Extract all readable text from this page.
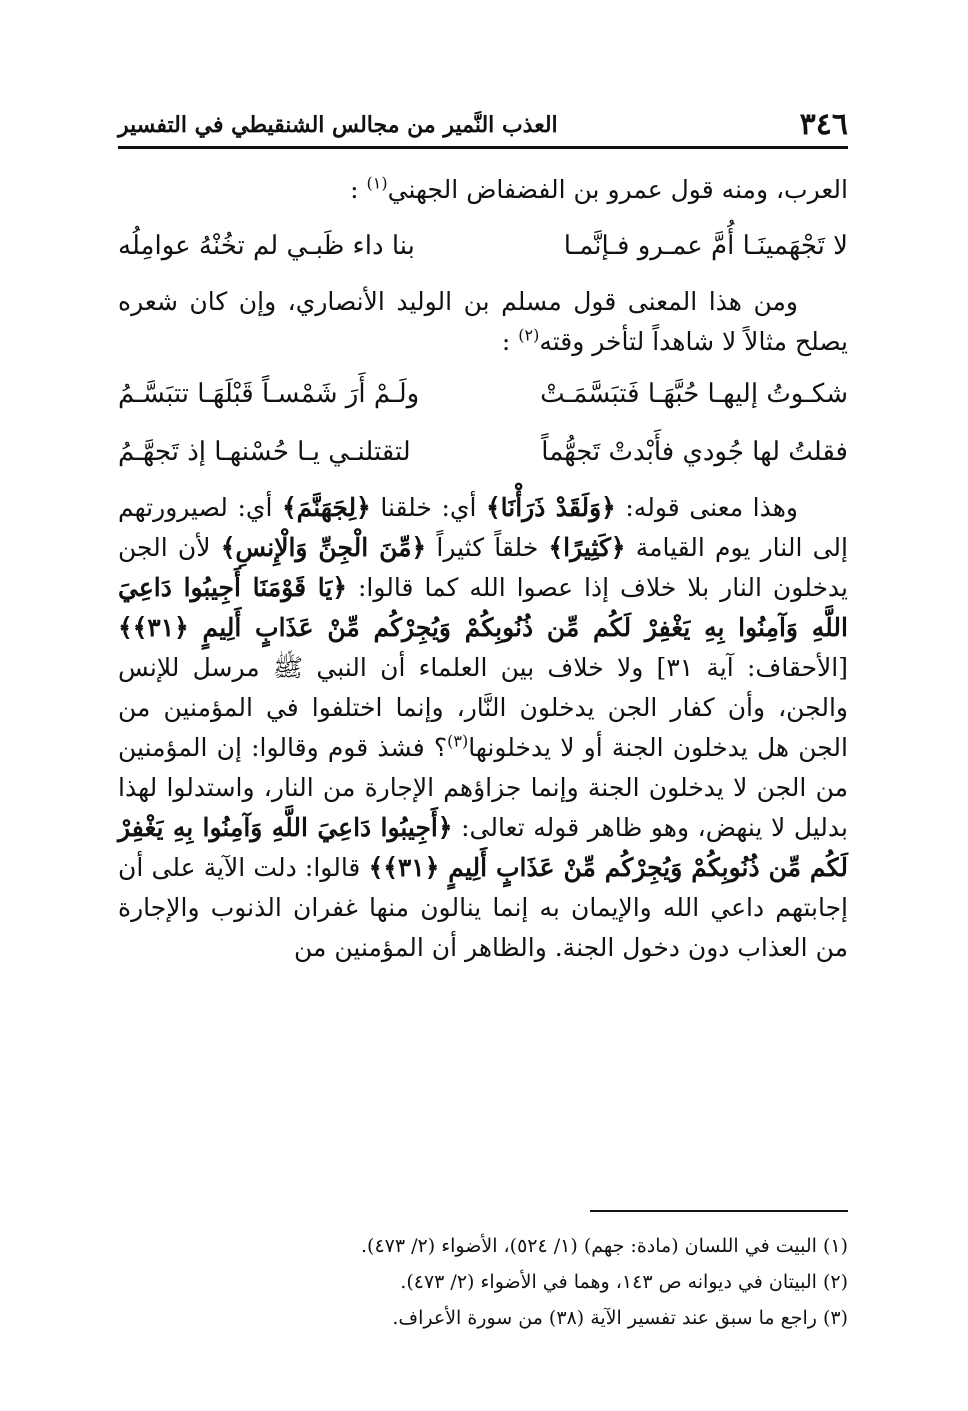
٣٤٦
العذب النَّمير من مجالس الشنقيطي في التفسير

العرب، ومنه قول عمرو بن الفضفاض الجهني$^{(١)}$ :

لا تَجْهَمينَـا أُمَّ عمـرو فـإنَّمـا
بنا داء ظَبـي لم تخُنْهُ عوامِلُه

ومن هذا المعنى قول مسلم بن الوليد الأنصاري، وإن كان شعره يصلح مثالاً لا شاهداً لتأخر وقته$^{(٢)}$ :

شكـوتُ إليهـا حُبَّهَـا فَتبَسَّمَـتْ
ولَـمْ أَرَ شَمْسـاً قَبْلَهَـا تتبَسَّـمُ
فقلتُ لها جُودي فأَبْدتْ تَجهُّماً
لتقتلنـي يـا حُسْنهـا إذ تَجهَّـمُ

وهذا معنى قوله: ﴿وَلَقَدْ ذَرَأْنَا﴾ أي: خلقنا ﴿لِجَهَنَّمَ﴾ أي: لصيرورتهم إلى النار يوم القيامة ﴿كَثِيرًا﴾ خلقاً كثيراً ﴿مِّنَ الْجِنِّ وَالْإِنسِ﴾ لأن الجن يدخلون النار بلا خلاف إذا عصوا الله كما قالوا: ﴿يَا قَوْمَنَا أَجِيبُوا دَاعِيَ اللَّهِ وَآمِنُوا بِهِ يَغْفِرْ لَكُم مِّن ذُنُوبِكُمْ وَيُجِرْكُم مِّنْ عَذَابٍ أَلِيمٍ ﴿٣١﴾﴾ [الأحقاف: آية ٣١] ولا خلاف بين العلماء أن النبي ﷺ مرسل للإنس والجن، وأن كفار الجن يدخلون النَّار، وإنما اختلفوا في المؤمنين من الجن هل يدخلون الجنة أو لا يدخلونها$^{(٣)}$؟ فشذ قوم وقالوا: إن المؤمنين من الجن لا يدخلون الجنة وإنما جزاؤهم الإجارة من النار، واستدلوا لهذا بدليل لا ينهض، وهو ظاهر قوله تعالى: ﴿أَجِيبُوا دَاعِيَ اللَّهِ وَآمِنُوا بِهِ يَغْفِرْ لَكُم مِّن ذُنُوبِكُمْ وَيُجِرْكُم مِّنْ عَذَابٍ أَلِيمٍ ﴿٣١﴾﴾ قالوا: دلت الآية على أن إجابتهم داعي الله والإيمان به إنما ينالون منها غفران الذنوب والإجارة من العذاب دون دخول الجنة. والظاهر أن المؤمنين من

(١) البيت في اللسان (مادة: جهم) (١/ ٥٢٤)، الأضواء (٢/ ٤٧٣).

(٢) البيتان في ديوانه ص ١٤٣، وهما في الأضواء (٢/ ٤٧٣).

(٣) راجع ما سبق عند تفسير الآية (٣٨) من سورة الأعراف.
